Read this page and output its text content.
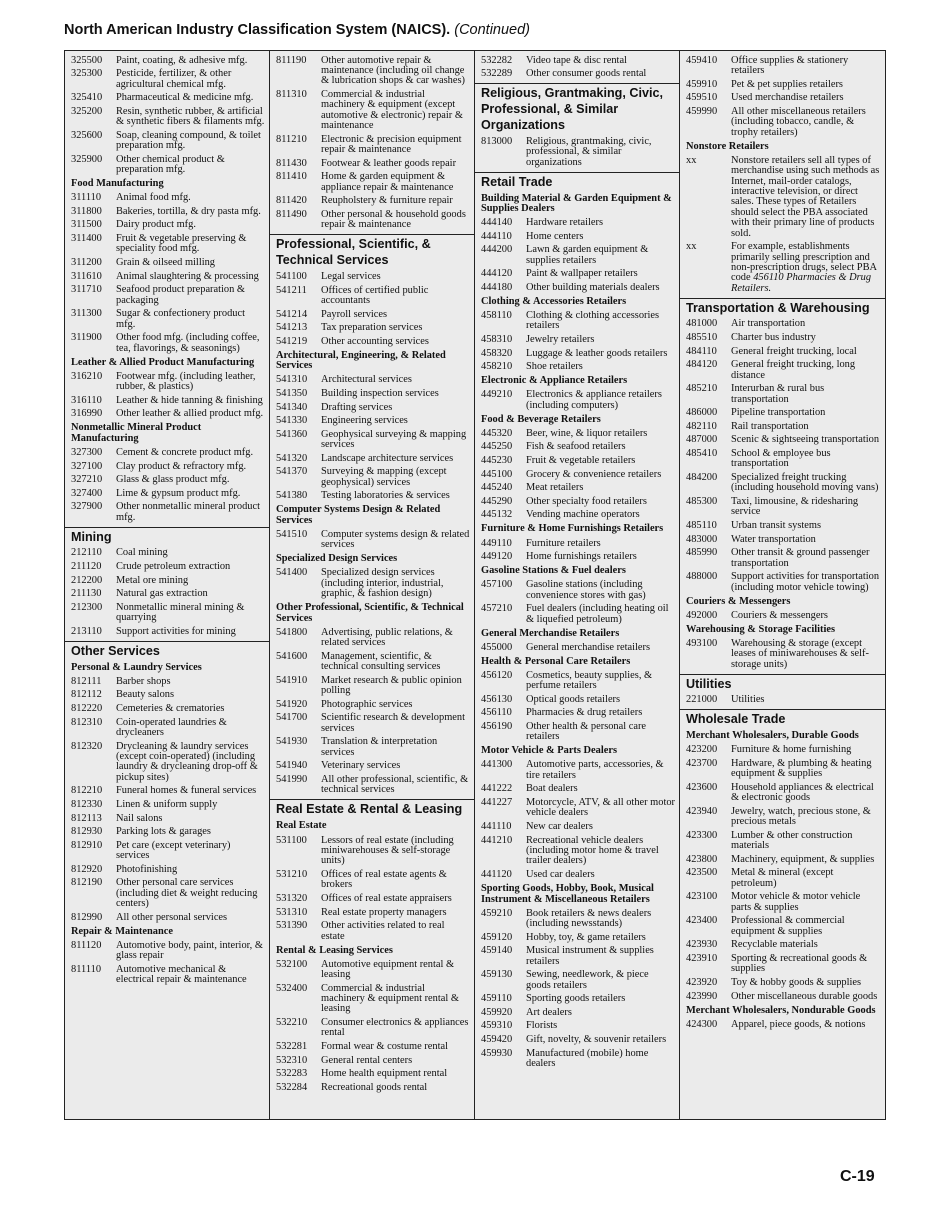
North American Industry Classification System (NAICS). (Continued)
325500	Paint, coating, & adhesive mfg.
325300	Pesticide, fertilizer, & other agricultural chemical mfg.
325410	Pharmaceutical & medicine mfg.
325200	Resin, synthetic rubber, & artificial & synthetic fibers & filaments mfg.
325600	Soap, cleaning compound, & toilet preparation mfg.
325900	Other chemical product & preparation mfg.
Food Manufacturing
311110	Animal food mfg.
311800	Bakeries, tortilla, & dry pasta mfg.
311500	Dairy product mfg.
311400	Fruit & vegetable preserving & speciality food mfg.
311200	Grain & oilseed milling
311610	Animal slaughtering & processing
311710	Seafood product preparation & packaging
311300	Sugar & confectionery product mfg.
311900	Other food mfg. (including coffee, tea, flavorings, & seasonings)
Leather & Allied Product Manufacturing
316210	Footwear mfg. (including leather, rubber, & plastics)
316110	Leather & hide tanning & finishing
316990	Other leather & allied product mfg.
Nonmetallic Mineral Product Manufacturing
327300	Cement & concrete product mfg.
327100	Clay product & refractory mfg.
327210	Glass & glass product mfg.
327400	Lime & gypsum product mfg.
327900	Other nonmetallic mineral product mfg.
Mining
212110	Coal mining
211120	Crude petroleum extraction
212200	Metal ore mining
211130	Natural gas extraction
212300	Nonmetallic mineral mining & quarrying
213110	Support activities for mining
Other Services
Personal & Laundry Services
812111	Barber shops
812112	Beauty salons
812220	Cemeteries & crematories
812310	Coin-operated laundries & drycleaners
812320	Drycleaning & laundry services (except coin-operated) (including laundry & drycleaning drop-off & pickup sites)
812210	Funeral homes & funeral services
812330	Linen & uniform supply
812113	Nail salons
812930	Parking lots & garages
812910	Pet care (except veterinary) services
812920	Photofinishing
812190	Other personal care services (including diet & weight reducing centers)
812990	All other personal services
Repair & Maintenance
811120	Automotive body, paint, interior, & glass repair
811110	Automotive mechanical & electrical repair & maintenance
811190	Other automotive repair & maintenance (including oil change & lubrication shops & car washes)
811310	Commercial & industrial machinery & equipment (except automotive & electronic) repair & maintenance
811210	Electronic & precision equipment repair & maintenance
811430	Footwear & leather goods repair
811410	Home & garden equipment & appliance repair & maintenance
811420	Reupholstery & furniture repair
811490	Other personal & household goods repair & maintenance
Professional, Scientific, & Technical Services
541100	Legal services
541211	Offices of certified public accountants
541214	Payroll services
541213	Tax preparation services
541219	Other accounting services
Architectural, Engineering, & Related Services
541310	Architectural services
541350	Building inspection services
541340	Drafting services
541330	Engineering services
541360	Geophysical surveying & mapping services
541320	Landscape architecture services
541370	Surveying & mapping (except geophysical) services
541380	Testing laboratories & services
Computer Systems Design & Related Services
541510	Computer systems design & related services
Specialized Design Services
541400	Specialized design services (including interior, industrial, graphic, & fashion design)
Other Professional, Scientific, & Technical Services
541800	Advertising, public relations, & related services
541600	Management, scientific, & technical consulting services
541910	Market research & public opinion polling
541920	Photographic services
541700	Scientific research & development services
541930	Translation & interpretation services
541940	Veterinary services
541990	All other professional, scientific, & technical services
Real Estate & Rental & Leasing
Real Estate
531100	Lessors of real estate (including miniwarehouses & self-storage units)
531210	Offices of real estate agents & brokers
531320	Offices of real estate appraisers
531310	Real estate property managers
531390	Other activities related to real estate
Rental & Leasing Services
532100	Automotive equipment rental & leasing
532400	Commercial & industrial machinery & equipment rental & leasing
532210	Consumer electronics & appliances rental
532281	Formal wear & costume rental
532310	General rental centers
532283	Home health equipment rental
532284	Recreational goods rental
532282	Video tape & disc rental
532289	Other consumer goods rental
Religious, Grantmaking, Civic, Professional, & Similar Organizations
813000	Religious, grantmaking, civic, professional, & similar organizations
Retail Trade
Building Material & Garden Equipment & Supplies Dealers
444140	Hardware retailers
444110	Home centers
444200	Lawn & garden equipment & supplies retailers
444120	Paint & wallpaper retailers
444180	Other building materials dealers
Clothing & Accessories Retailers
458110	Clothing & clothing accessories retailers
458310	Jewelry retailers
458320	Luggage & leather goods retailers
458210	Shoe retailers
Electronic & Appliance Retailers
449210	Electronics & appliance retailers (including computers)
Food & Beverage Retailers
445320	Beer, wine, & liquor retailers
445250	Fish & seafood retailers
445230	Fruit & vegetable retailers
445100	Grocery & convenience retailers
445240	Meat retailers
445290	Other specialty food retailers
445132	Vending machine operators
Furniture & Home Furnishings Retailers
449110	Furniture retailers
449120	Home furnishings retailers
Gasoline Stations & Fuel dealers
457100	Gasoline stations (including convenience stores with gas)
457210	Fuel dealers (including heating oil & liquefied petroleum)
General Merchandise Retailers
455000	General merchandise retailers
Health & Personal Care Retailers
456120	Cosmetics, beauty supplies, & perfume retailers
456130	Optical goods retailers
456110	Pharmacies & drug retailers
456190	Other health & personal care retailers
Motor Vehicle & Parts Dealers
441300	Automotive parts, accessories, & tire retailers
441222	Boat dealers
441227	Motorcycle, ATV, & all other motor vehicle dealers
441110	New car dealers
441210	Recreational vehicle dealers (including motor home & travel trailer dealers)
441120	Used car dealers
Sporting Goods, Hobby, Book, Musical Instrument & Miscellaneous Retailers
459210	Book retailers & news dealers (including newsstands)
459120	Hobby, toy, & game retailers
459140	Musical instrument & supplies retailers
459130	Sewing, needlework, & piece goods retailers
459110	Sporting goods retailers
459920	Art dealers
459310	Florists
459420	Gift, novelty, & souvenir retailers
459930	Manufactured (mobile) home dealers
459410	Office supplies & stationery retailers
459910	Pet & pet supplies retailers
459510	Used merchandise retailers
459990	All other miscellaneous retailers (including tobacco, candle, & trophy retailers)
Nonstore Retailers
xx	Nonstore retailers sell all types of merchandise using such methods as Internet, mail-order catalogs, interactive television, or direct sales. These types of Retailers should select the PBA associated with their primary line of products sold.
xx	For example, establishments primarily selling prescription and non-prescription drugs, select PBA code 456110 Pharmacies & Drug Retailers.
Transportation & Warehousing
481000	Air transportation
485510	Charter bus industry
484110	General freight trucking, local
484120	General freight trucking, long distance
485210	Interurban & rural bus transportation
486000	Pipeline transportation
482110	Rail transportation
487000	Scenic & sightseeing transportation
485410	School & employee bus transportation
484200	Specialized freight trucking (including household moving vans)
485300	Taxi, limousine, & ridesharing service
485110	Urban transit systems
483000	Water transportation
485990	Other transit & ground passenger transportation
488000	Support activities for transportation (including motor vehicle towing)
Couriers & Messengers
492000	Couriers & messengers
Warehousing & Storage Facilities
493100	Warehousing & storage (except leases of miniwarehouses & self-storage units)
Utilities
221000	Utilities
Wholesale Trade
Merchant Wholesalers, Durable Goods
423200	Furniture & home furnishing
423700	Hardware, & plumbing & heating equipment & supplies
423600	Household appliances & electrical & electronic goods
423940	Jewelry, watch, precious stone, & precious metals
423300	Lumber & other construction materials
423800	Machinery, equipment, & supplies
423500	Metal & mineral (except petroleum)
423100	Motor vehicle & motor vehicle parts & supplies
423400	Professional & commercial equipment & supplies
423930	Recyclable materials
423910	Sporting & recreational goods & supplies
423920	Toy & hobby goods & supplies
423990	Other miscellaneous durable goods
Merchant Wholesalers, Nondurable Goods
424300	Apparel, piece goods, & notions
C-19
